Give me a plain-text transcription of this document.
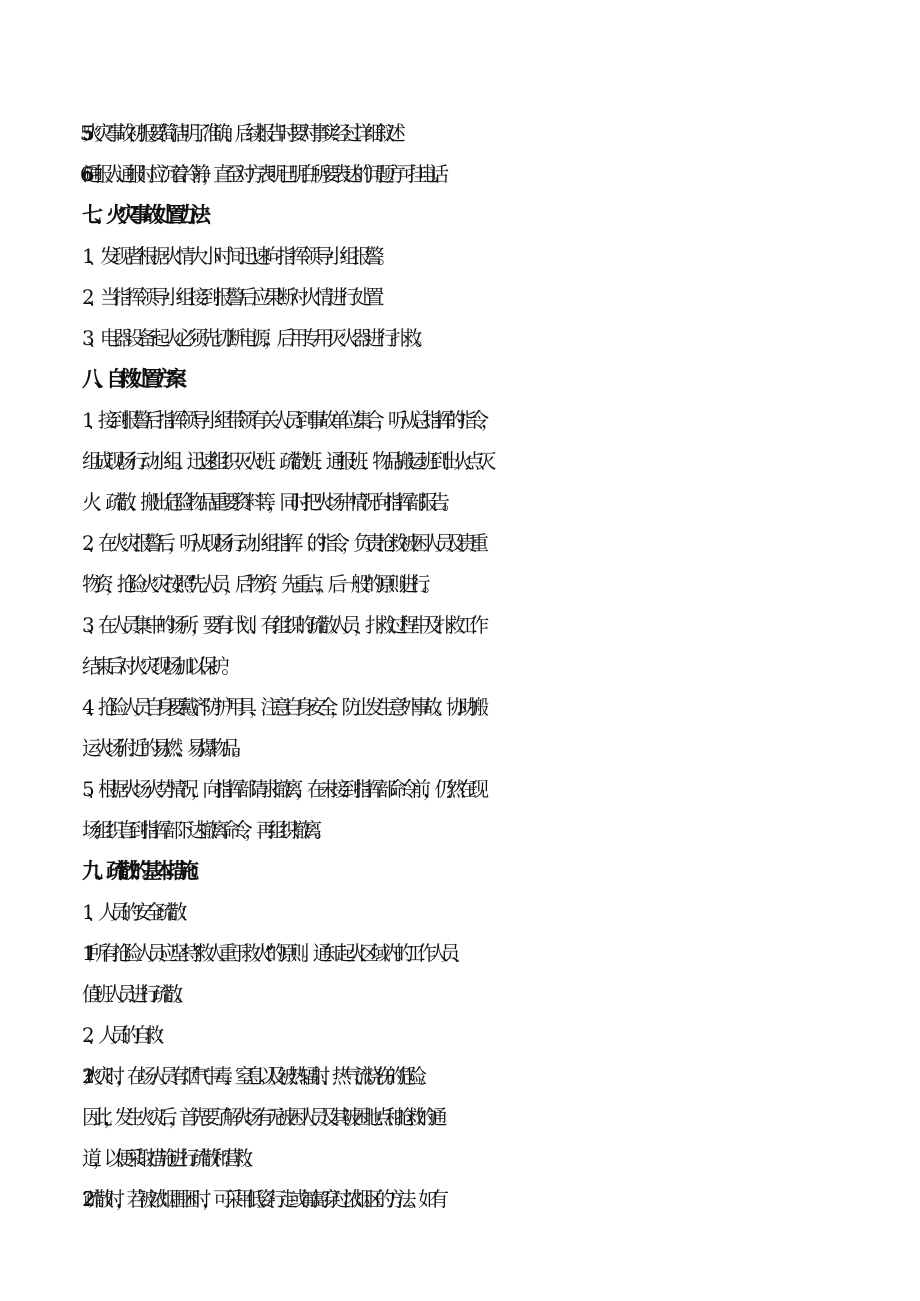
5 .5火灾事故初报要简洁明了准确、后续报告时要对事实经过详细叙述
6 .6通报人通报时应沉着冷静，直至对方表明已明白所要表达的问题方可挂电话
七、火灾事故处置办法：
1、发现者根据火情大小时间迅速向指挥领导小组报警。
2、当指挥领导小组接到报警后应果断对火情进行处置
3、电器设备起火必须先切断电源，后用专用灭火器进行扑救。
八、自救处置方案：
1、接到报警后指挥领导小组带领有关人员到事故单位集合，听从总指挥的指令，
组成现场行动小组。迅速组织灭火班、疏散班、通报班、物品搬运班到出火点灭
火、疏散、搬出危险物品重要资料等，同时把火场中情况向指挥部报告。
2、在火灾报警后，听从现场行动小组指挥（的指令，负责抢救被困人员及贵重
物资，抢险火灾按照“先人员，后物资，先重点，后一般”的原则进行。
3、在人员集中的场所，要有计划、有组织的疏散人员，扑救过程中及扑救工作
结束后对火灾现场加以保护。
4、抢险人员自身要戴齐防护用具，注意自身安全，防止发生意外事故。协助搬
运火场附近的易燃、易爆物品。
5、根据火场火势情况，向指挥部请求撤离，在未接到指挥部命令前，仍然在现
场组织直到指挥部下达撤离命令，再组织撤离。
九、疏散的基本措施：
1、人员的安全疏散：
1.1所有抢险人员应坚持“救人重于救火”的原则。通知起火区域内的工作人员、
值班人员进行疏散。
2、人员的自救：
2.1 火灾时，在场人员有烟气中毒、窒息以及被热辐射、热气流烧伤的危险。
因此，发生火灾后，首先要了解火场有无被困人员及其被困地点和抢救的通
道，以便采取措施进行疏散和营救。
2.2 疏散时，若被浓烟围困时，可采用低姿行走或匍匐穿过浓烟区的方法。如有
